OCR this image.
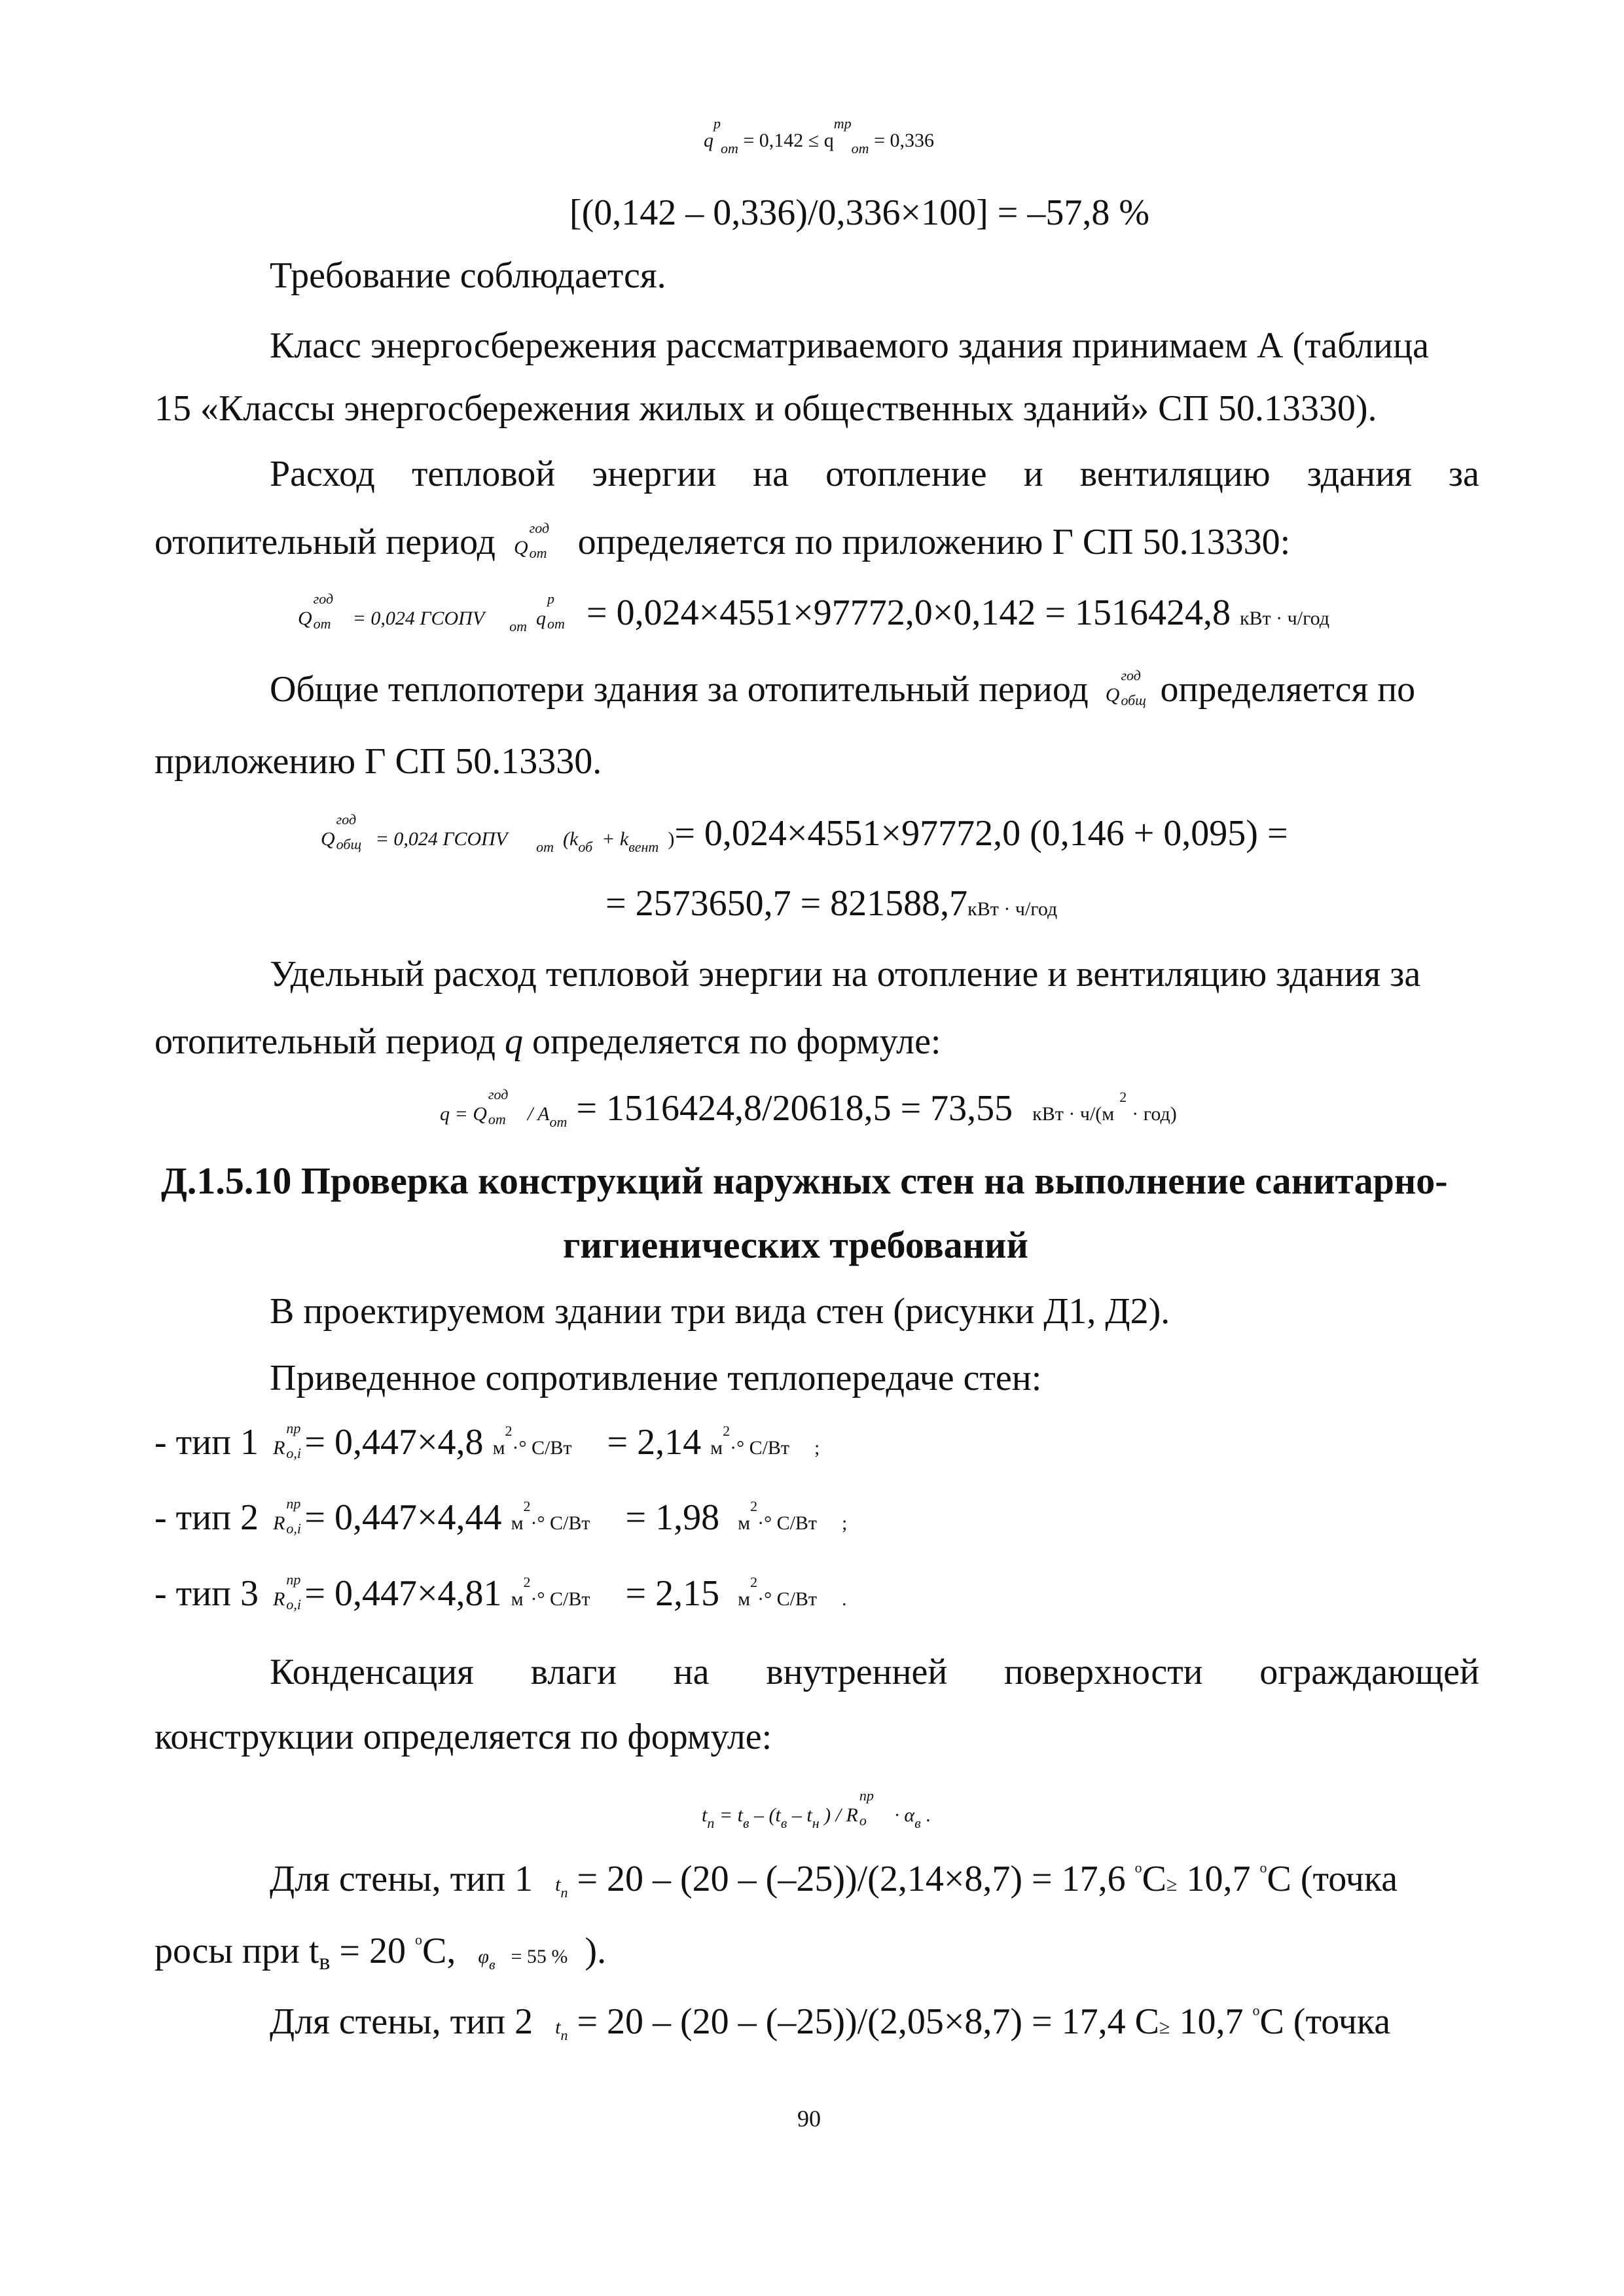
$q^p_{от} = 0,142 \le q^{тр}_{от} = 0,336$
[(0,142 – 0,336)/0,336×100] = –57,8 %
Требование соблюдается.
Класс энергосбережения рассматриваемого здания принимаем А (таблица
15 «Классы энергосбережения жилых и общественных зданий» СП 50.13330).
Расход тепловой энергии на отопление и вентиляцию здания за
отопительный период Q
год
от определяется по приложению Г СП 50.13330:
Q
год
от = 0,024 ГСОПV от q
р
от = 0,024×4551×97772,0×0,142 = 1516424,8 кВт · ч/год
Общие теплопотери здания за отопительный период Q
год
общ определяется по
приложению Г СП 50.13330.
Q
год
общ = 0,024 ГСОПV от (kоб + kвент )= 0,024×4551×97772,0 (0,146 + 0,095) =
= 2573650,7 = 821588,7кВт · ч/год
Удельный расход тепловой энергии на отопление и вентиляцию здания за
отопительный период q определяется по формуле:
q = Q
год
от / Aот = 1516424,8/20618,5 = 73,55 кВт · $ч/(м^2\cdot год)$
Д.1.5.10 Проверка конструкций наружных стен на выполнение санитарно-
гигиенических требований
В проектируемом здании три вида стен (рисунки Д1, Д2).
Приведенное сопротивление теплопередаче стен:
- тип 1 R
пр
о,i = 0,447×4,8 $м^2\cdot^\circ$ С/Вт = 2,14 $м^2\cdot^\circ$ С/Вт ;
- тип 2 R
пр
о,i = 0,447×4,44 $м^2\cdot^\circ$ С/Вт = 1,98 $м^2\cdot^\circ$ С/Вт ;
- тип 3 R
пр
о,i = 0,447×4,81 $м^2\cdot^\circ$ С/Вт = 2,15 $м^2\cdot^\circ$ С/Вт .
Конденсация влаги на внутренней поверхности ограждающей
конструкции определяется по формуле:
$t_п = t_в - (t_в - t_н$ ) / R
пр
$о \cdot \alpha_в$ .
Для стены, тип 1 tп = 20 – (20 – (–25))/(2,14×8,7) = 17,6 $^о$С≥ 10,7 $^о$С (точка
росы при tв = 20 $^о$С, φв = 55 % ).
Для стены, тип 2 tп = 20 – (20 – (–25))/(2,05×8,7) = 17,4 С≥ 10,7 $^о$С (точка
90
